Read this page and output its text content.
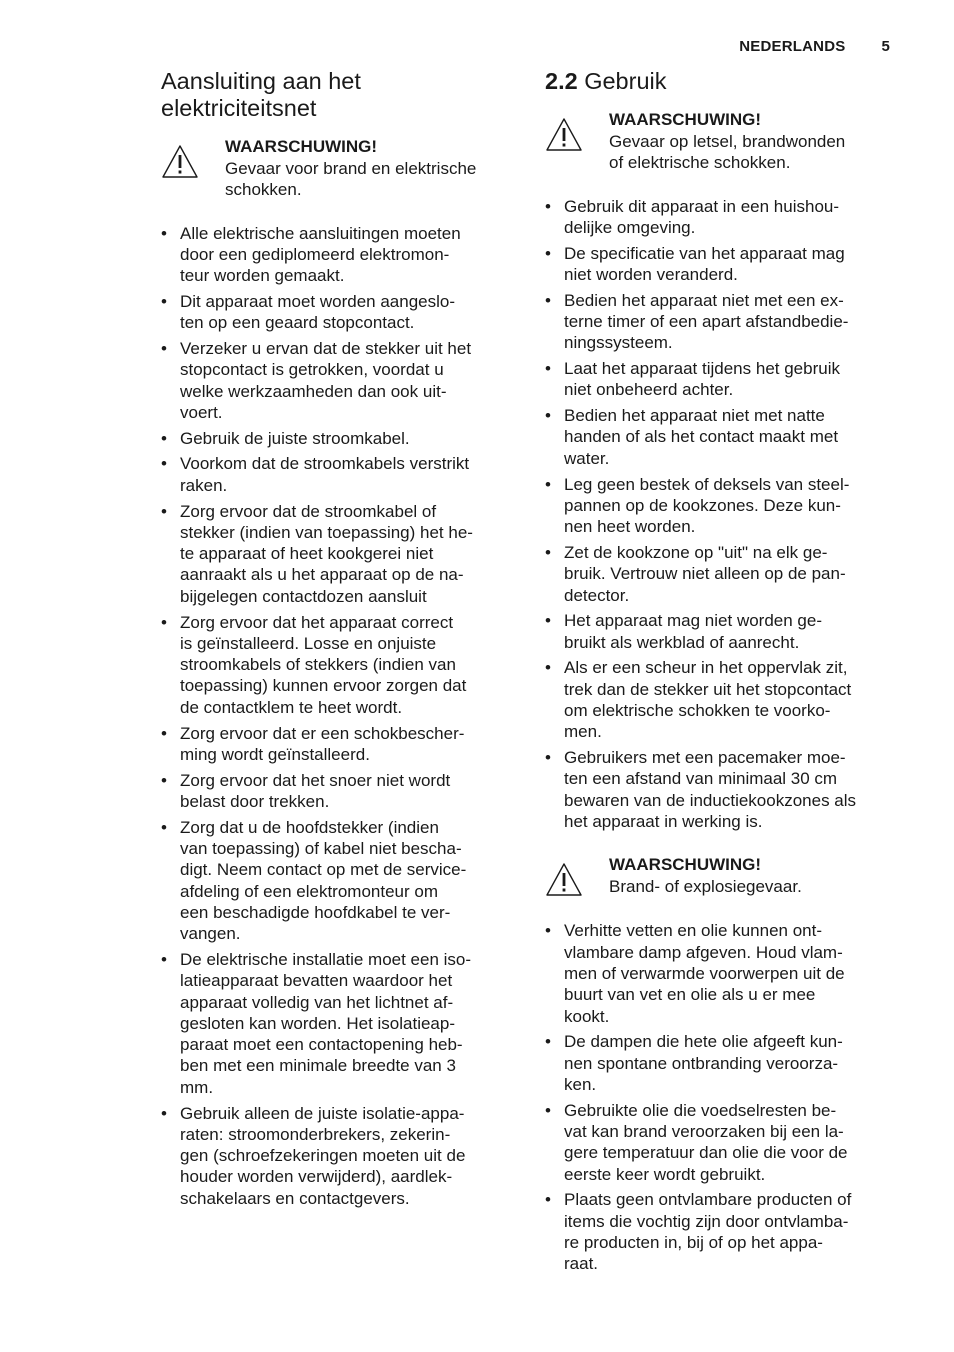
NEDERLANDS 5
Aansluiting aan het
elektriciteitsnet
WAARSCHUWING!
Gevaar voor brand en elektrische
schokken.
• Alle elektrische aansluitingen moeten
door een gediplomeerd elektromon-
teur worden gemaakt.
• Dit apparaat moet worden aangeslo-
ten op een geaard stopcontact.
• Verzeker u ervan dat de stekker uit het
stopcontact is getrokken, voordat u
welke werkzaamheden dan ook uit-
voert.
• Gebruik de juiste stroomkabel.
• Voorkom dat de stroomkabels verstrikt
raken.
• Zorg ervoor dat de stroomkabel of
stekker (indien van toepassing) het he-
te apparaat of heet kookgerei niet
aanraakt als u het apparaat op de na-
bijgelegen contactdozen aansluit
• Zorg ervoor dat het apparaat correct
is geïnstalleerd. Losse en onjuiste
stroomkabels of stekkers (indien van
toepassing) kunnen ervoor zorgen dat
de contactklem te heet wordt.
• Zorg ervoor dat er een schokbescher-
ming wordt geïnstalleerd.
• Zorg ervoor dat het snoer niet wordt
belast door trekken.
• Zorg dat u de hoofdstekker (indien
van toepassing) of kabel niet bescha-
digt. Neem contact op met de service-
afdeling of een elektromonteur om
een beschadigde hoofdkabel te ver-
vangen.
• De elektrische installatie moet een iso-
latieapparaat bevatten waardoor het
apparaat volledig van het lichtnet af-
gesloten kan worden. Het isolatieap-
paraat moet een contactopening heb-
ben met een minimale breedte van 3
mm.
• Gebruik alleen de juiste isolatie-appa-
raten: stroomonderbrekers, zekerin-
gen (schroefzekeringen moeten uit de
houder worden verwijderd), aardlek-
schakelaars en contactgevers.
2.2 Gebruik
WAARSCHUWING!
Gevaar op letsel, brandwonden
of elektrische schokken.
• Gebruik dit apparaat in een huishou-
delijke omgeving.
• De specificatie van het apparaat mag
niet worden veranderd.
• Bedien het apparaat niet met een ex-
terne timer of een apart afstandbedie-
ningssysteem.
• Laat het apparaat tijdens het gebruik
niet onbeheerd achter.
• Bedien het apparaat niet met natte
handen of als het contact maakt met
water.
• Leg geen bestek of deksels van steel-
pannen op de kookzones. Deze kun-
nen heet worden.
• Zet de kookzone op "uit" na elk ge-
bruik. Vertrouw niet alleen op de pan-
detector.
• Het apparaat mag niet worden ge-
bruikt als werkblad of aanrecht.
• Als er een scheur in het oppervlak zit,
trek dan de stekker uit het stopcontact
om elektrische schokken te voorko-
men.
• Gebruikers met een pacemaker moe-
ten een afstand van minimaal 30 cm
bewaren van de inductiekookzones als
het apparaat in werking is.
WAARSCHUWING!
Brand- of explosiegevaar.
• Verhitte vetten en olie kunnen ont-
vlambare damp afgeven. Houd vlam-
men of verwarmde voorwerpen uit de
buurt van vet en olie als u er mee
kookt.
• De dampen die hete olie afgeeft kun-
nen spontane ontbranding veroorza-
ken.
• Gebruikte olie die voedselresten be-
vat kan brand veroorzaken bij een la-
gere temperatuur dan olie die voor de
eerste keer wordt gebruikt.
• Plaats geen ontvlambare producten of
items die vochtig zijn door ontvlamba-
re producten in, bij of op het appa-
raat.
